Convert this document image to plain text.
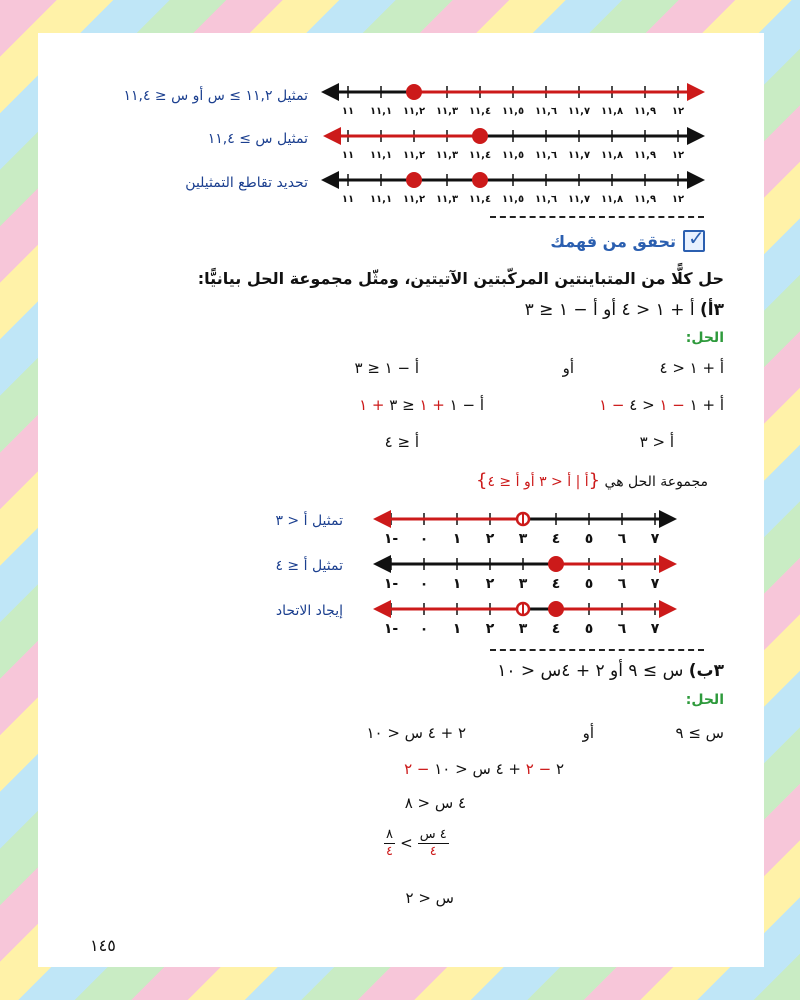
تمثيل ١١,٢ ≥ س أو س ≤ ١١,٤
تمثيل س ≥ ١١,٤
تحديد تقاطع التمثيلين
١١ ١١,١ ١١,٢ ١١,٣ ١١,٤ ١١,٥ ١١,٦ ١١,٧ ١١,٨ ١١,٩ ١٢
١١ ١١,١ ١١,٢ ١١,٣ ١١,٤ ١١,٥ ١١,٦ ١١,٧ ١١,٨ ١١,٩ ١٢
١١ ١١,١ ١١,٢ ١١,٣ ١١,٤ ١١,٥ ١١,٦ ١١,٧ ١١,٨ ١١,٩ ١٢
✓
تحقق من فهمك
حل كلًّا من المتباينتين المركّبتين الآتيتين، ومثّل مجموعة الحل بيانيًّا:
٣أ) أ + ١ < ٤ أو أ − ١ ≤ ٣
الحل:
أ + ١ < ٤
أو
أ − ١ ≤ ٣
أ + ١ − ١ < ٤ − ١
أ − ١ + ١ ≤ ٣ + ١
أ < ٣
أ ≤ ٤
مجموعة الحل هي {أ | أ < ٣ أو أ ≤ ٤}
تمثيل أ < ٣
تمثيل أ ≤ ٤
إيجاد الاتحاد
١- ٠ ١ ٢ ٣ ٤ ٥ ٦ ٧
١- ٠ ١ ٢ ٣ ٤ ٥ ٦ ٧
١- ٠ ١ ٢ ٣ ٤ ٥ ٦ ٧
٣ب) س ≥ ٩ أو ٢ + ٤س < ١٠
الحل:
س ≥ ٩
أو
٢ + ٤ س < ١٠
٢ − ٢ + ٤ س < ١٠ − ٢
٤ س < ٨
$\frac{٨}{٤} < \frac{\text{٤ س}}{٤}$
س < ٢
١٤٥
